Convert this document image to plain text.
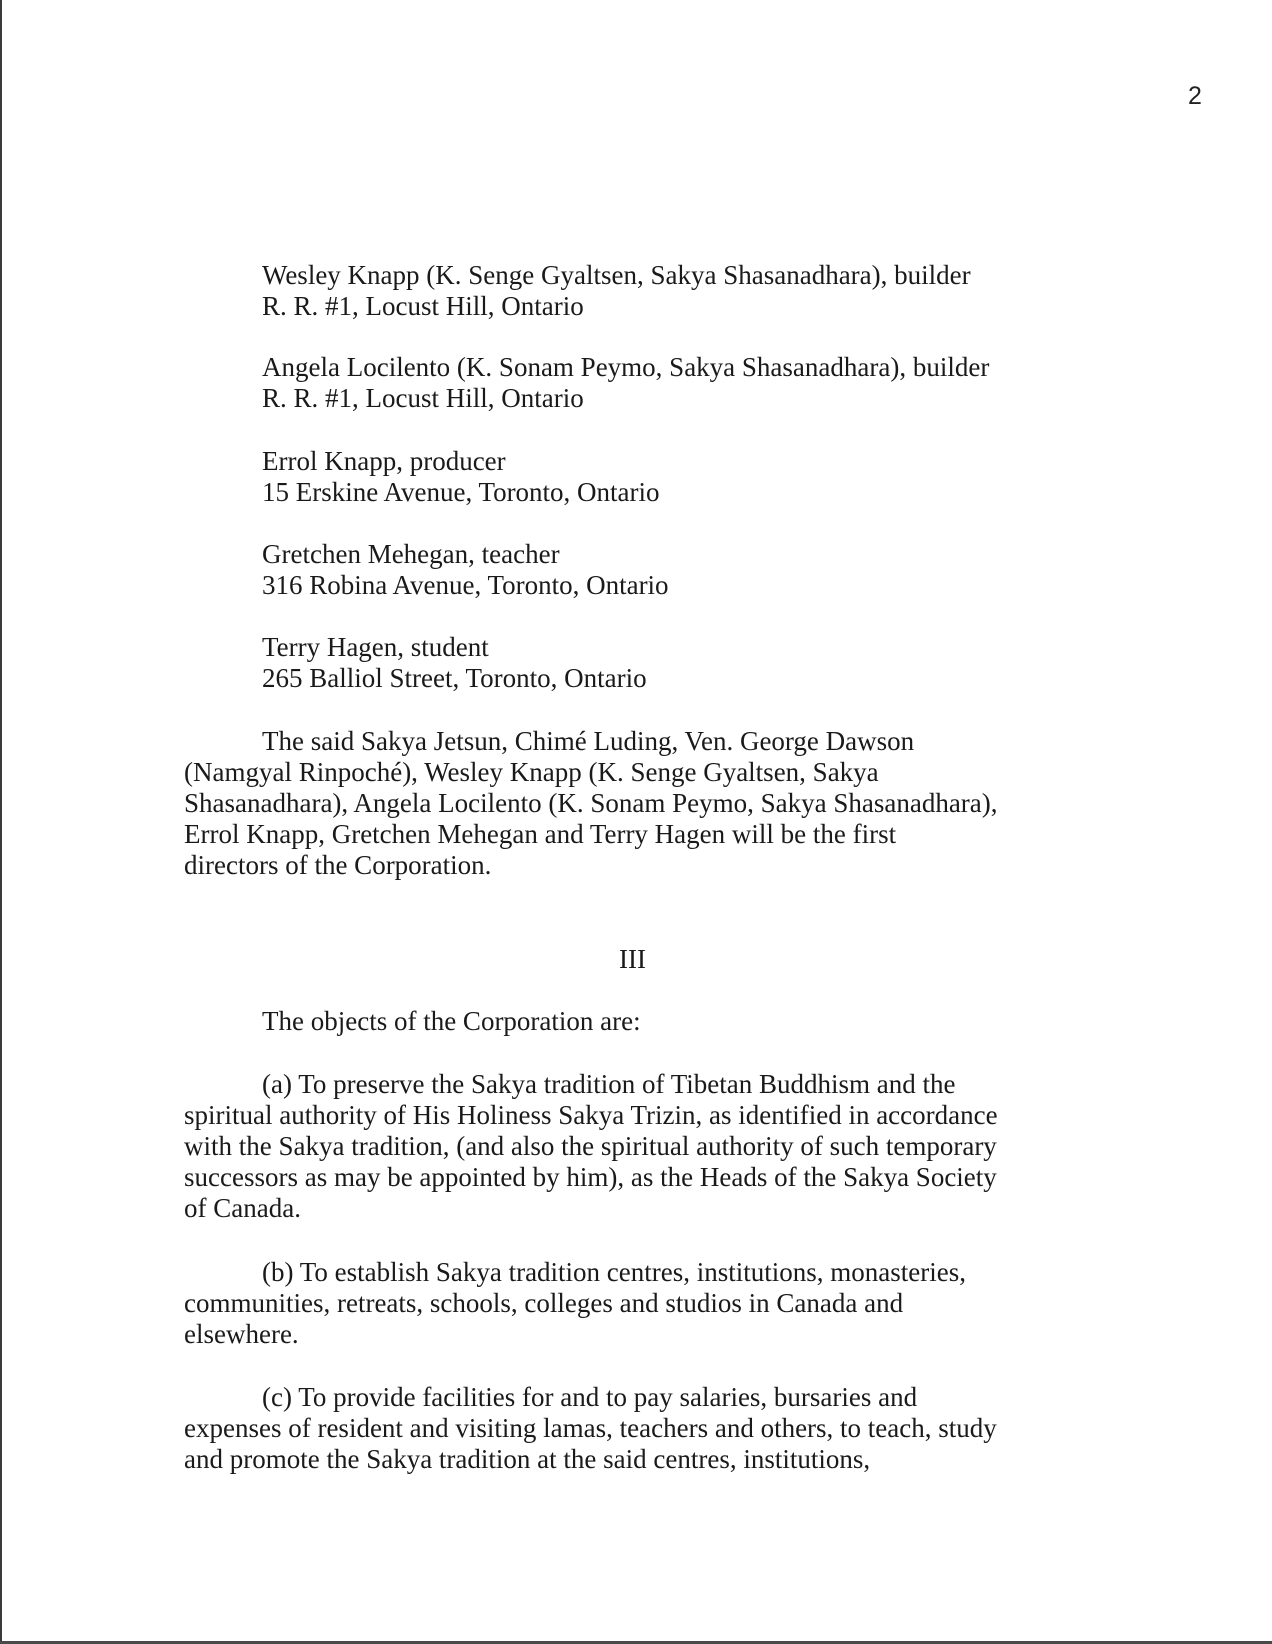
2
Wesley Knapp (K. Senge Gyaltsen, Sakya Shasanadhara), builder
R. R. #1, Locust Hill, Ontario
Angela Locilento (K. Sonam Peymo, Sakya Shasanadhara), builder
R. R. #1, Locust Hill, Ontario
Errol Knapp, producer
15 Erskine Avenue, Toronto, Ontario
Gretchen Mehegan, teacher
316 Robina Avenue, Toronto, Ontario
Terry Hagen, student
265 Balliol Street, Toronto, Ontario
The said Sakya Jetsun, Chimé Luding, Ven. George Dawson
(Namgyal Rinpoché), Wesley Knapp (K. Senge Gyaltsen, Sakya
Shasanadhara), Angela Locilento (K. Sonam Peymo, Sakya Shasanadhara),
Errol Knapp, Gretchen Mehegan and Terry Hagen will be the first
directors of the Corporation.
III
The objects of the Corporation are:
(a) To preserve the Sakya tradition of Tibetan Buddhism and the
spiritual authority of His Holiness Sakya Trizin, as identified in accordance
with the Sakya tradition, (and also the spiritual authority of such temporary
successors as may be appointed by him), as the Heads of the Sakya Society
of Canada.
(b) To establish Sakya tradition centres, institutions, monasteries,
communities, retreats, schools, colleges and studios in Canada and
elsewhere.
(c) To provide facilities for and to pay salaries, bursaries and
expenses of resident and visiting lamas, teachers and others, to teach, study
and promote the Sakya tradition at the said centres, institutions,
